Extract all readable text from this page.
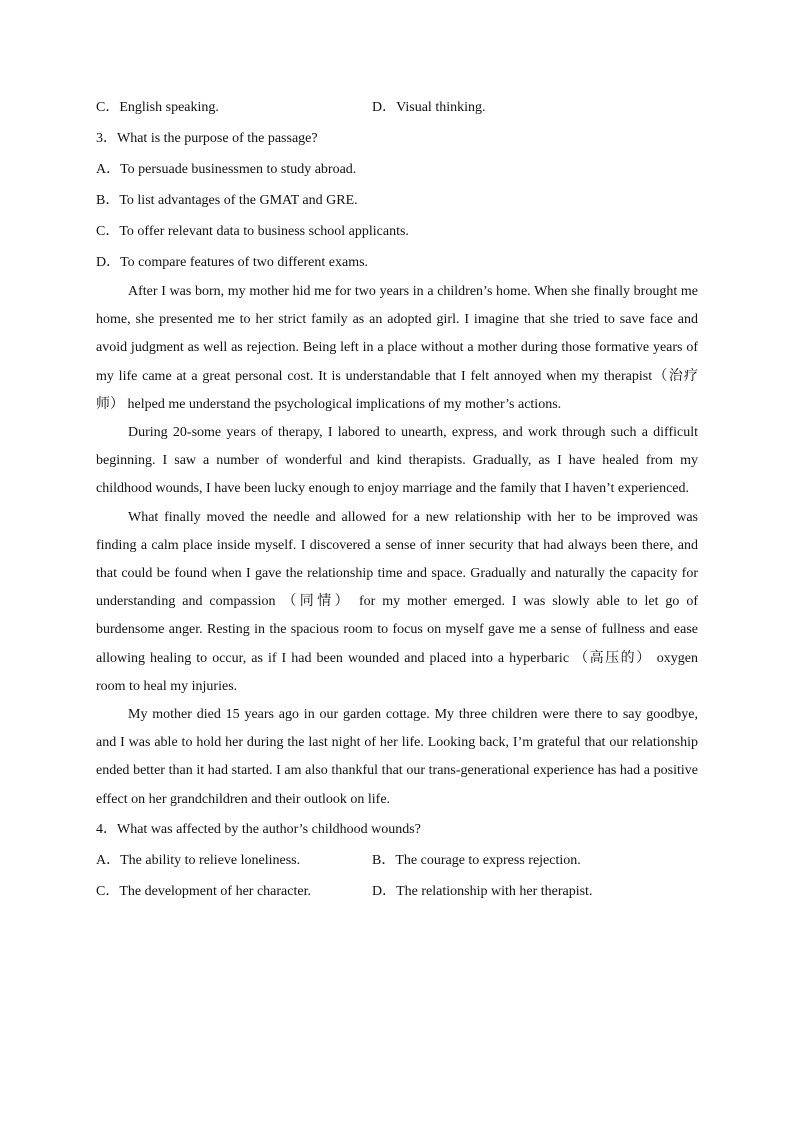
C．English speaking.	D．Visual thinking.
3．What is the purpose of the passage?
A．To persuade businessmen to study abroad.
B．To list advantages of the GMAT and GRE.
C．To offer relevant data to business school applicants.
D．To compare features of two different exams.

After I was born, my mother hid me for two years in a children’s home. When she finally brought me home, she presented me to her strict family as an adopted girl. I imagine that she tried to save face and avoid judgment as well as rejection. Being left in a place without a mother during those formative years of my life came at a great personal cost. It is understandable that I felt annoyed when my therapist（治疗师） helped me understand the psychological implications of my mother’s actions.

During 20-some years of therapy, I labored to unearth, express, and work through such a difficult beginning. I saw a number of wonderful and kind therapists. Gradually, as I have healed from my childhood wounds, I have been lucky enough to enjoy marriage and the family that I haven’t experienced.

What finally moved the needle and allowed for a new relationship with her to be improved was finding a calm place inside myself. I discovered a sense of inner security that had always been there, and that could be found when I gave the relationship time and space. Gradually and naturally the capacity for understanding and compassion （同情） for my mother emerged. I was slowly able to let go of burdensome anger. Resting in the spacious room to focus on myself gave me a sense of fullness and ease allowing healing to occur, as if I had been wounded and placed into a hyperbaric （高压的） oxygen room to heal my injuries.

My mother died 15 years ago in our garden cottage. My three children were there to say goodbye, and I was able to hold her during the last night of her life. Looking back, I’m grateful that our relationship ended better than it had started. I am also thankful that our trans-generational experience has had a positive effect on her grandchildren and their outlook on life.

4．What was affected by the author’s childhood wounds?
A．The ability to relieve loneliness.	B．The courage to express rejection.
C．The development of her character.	D．The relationship with her therapist.
